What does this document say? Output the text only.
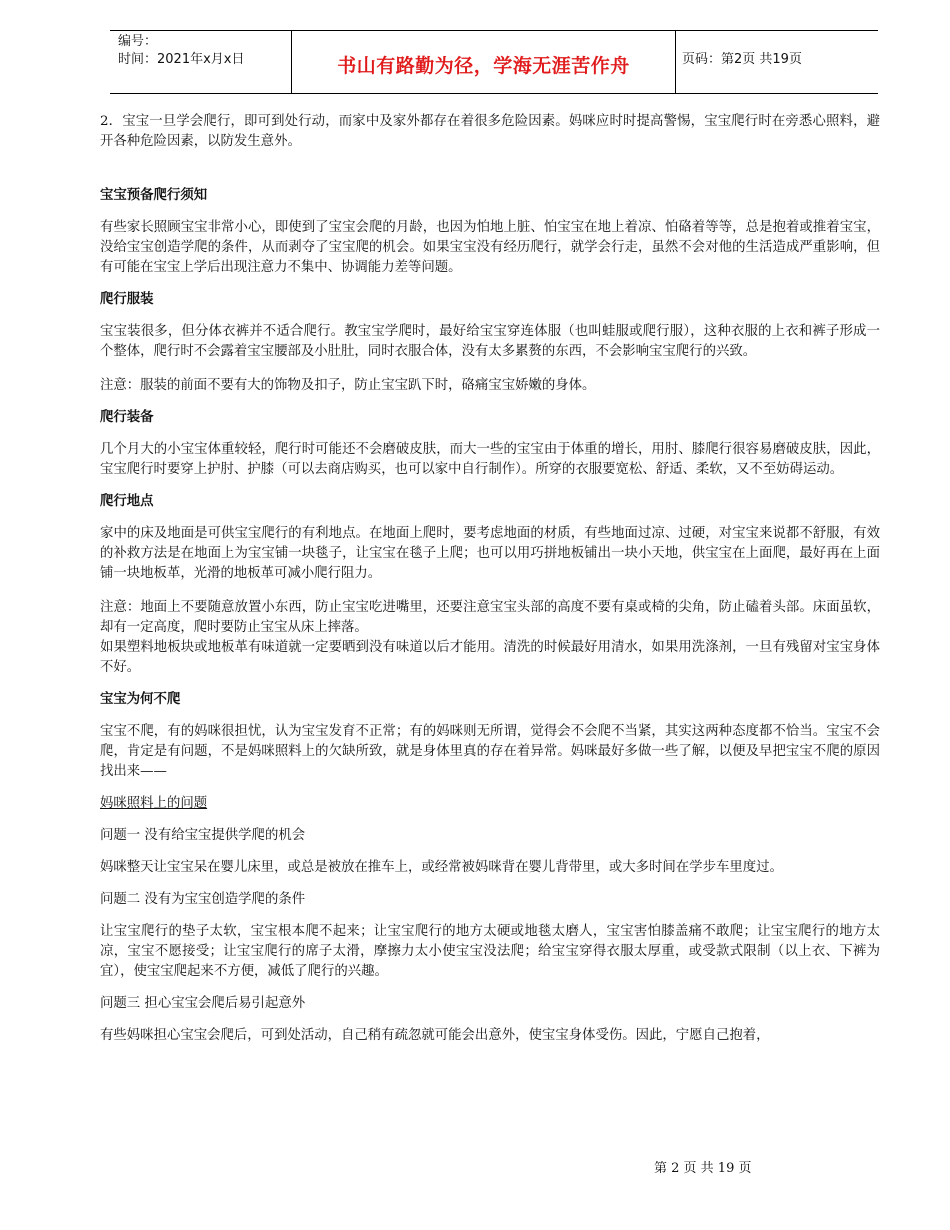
编号：
时间：2021年x月x日	书山有路勤为径，学海无涯苦作舟	页码：第2页 共19页

2．宝宝一旦学会爬行，即可到处行动，而家中及家外都存在着很多危险因素。妈咪应时时提高警惕，宝宝爬行时在旁悉心照料，避开各种危险因素，以防发生意外。

宝宝预备爬行须知

有些家长照顾宝宝非常小心，即使到了宝宝会爬的月龄，也因为怕地上脏、怕宝宝在地上着凉、怕硌着等等，总是抱着或推着宝宝，没给宝宝创造学爬的条件，从而剥夺了宝宝爬的机会。如果宝宝没有经历爬行，就学会行走，虽然不会对他的生活造成严重影响，但有可能在宝宝上学后出现注意力不集中、协调能力差等问题。

爬行服装

宝宝装很多，但分体衣裤并不适合爬行。教宝宝学爬时，最好给宝宝穿连体服（也叫蛙服或爬行服），这种衣服的上衣和裤子形成一个整体，爬行时不会露着宝宝腰部及小肚肚，同时衣服合体，没有太多累赘的东西，不会影响宝宝爬行的兴致。

注意：服装的前面不要有大的饰物及扣子，防止宝宝趴下时，硌痛宝宝娇嫩的身体。

爬行装备

几个月大的小宝宝体重较轻，爬行时可能还不会磨破皮肤，而大一些的宝宝由于体重的增长，用肘、膝爬行很容易磨破皮肤，因此，宝宝爬行时要穿上护肘、护膝（可以去商店购买，也可以家中自行制作）。所穿的衣服要宽松、舒适、柔软，又不至妨碍运动。

爬行地点

家中的床及地面是可供宝宝爬行的有利地点。在地面上爬时，要考虑地面的材质，有些地面过凉、过硬，对宝宝来说都不舒服，有效的补救方法是在地面上为宝宝铺一块毯子，让宝宝在毯子上爬；也可以用巧拼地板铺出一块小天地，供宝宝在上面爬，最好再在上面铺一块地板革，光滑的地板革可减小爬行阻力。

注意：地面上不要随意放置小东西，防止宝宝吃进嘴里，还要注意宝宝头部的高度不要有桌或椅的尖角，防止磕着头部。床面虽软，却有一定高度，爬时要防止宝宝从床上摔落。

如果塑料地板块或地板革有味道就一定要晒到没有味道以后才能用。清洗的时候最好用清水，如果用洗涤剂，一旦有残留对宝宝身体不好。

宝宝为何不爬

宝宝不爬，有的妈咪很担忧，认为宝宝发育不正常；有的妈咪则无所谓，觉得会不会爬不当紧，其实这两种态度都不恰当。宝宝不会爬，肯定是有问题，不是妈咪照料上的欠缺所致，就是身体里真的存在着异常。妈咪最好多做一些了解，以便及早把宝宝不爬的原因找出来——

妈咪照料上的问题

问题一 没有给宝宝提供学爬的机会

妈咪整天让宝宝呆在婴儿床里，或总是被放在推车上，或经常被妈咪背在婴儿背带里，或大多时间在学步车里度过。

问题二 没有为宝宝创造学爬的条件

让宝宝爬行的垫子太软，宝宝根本爬不起来；让宝宝爬行的地方太硬或地毯太磨人，宝宝害怕膝盖痛不敢爬；让宝宝爬行的地方太凉，宝宝不愿接受；让宝宝爬行的席子太滑，摩擦力太小使宝宝没法爬；给宝宝穿得衣服太厚重，或受款式限制（以上衣、下裤为宜），使宝宝爬起来不方便，减低了爬行的兴趣。

问题三 担心宝宝会爬后易引起意外

有些妈咪担心宝宝会爬后，可到处活动，自己稍有疏忽就可能会出意外，使宝宝身体受伤。因此，宁愿自己抱着，

第 2 页 共 19 页
